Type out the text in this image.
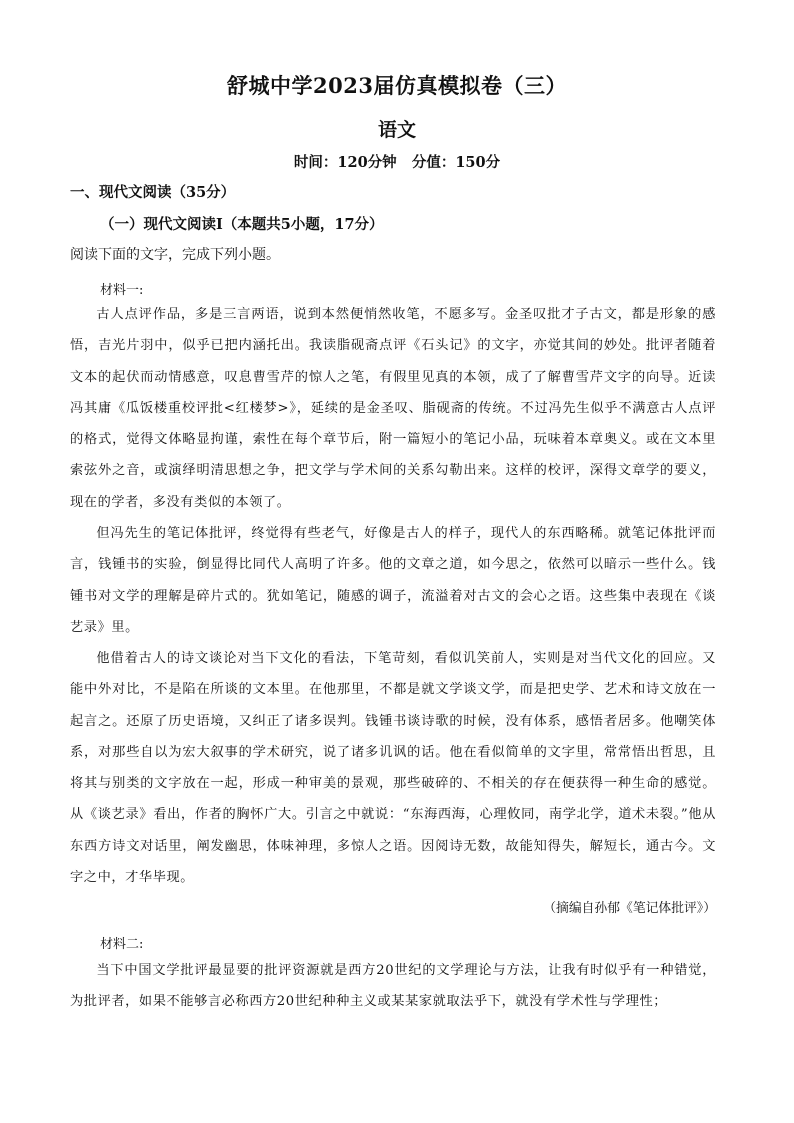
舒城中学2023届仿真模拟卷（三）
语文
时间：120分钟   分值：150分
一、现代文阅读（35分）
（一）现代文阅读Ⅰ（本题共5小题，17分）
阅读下面的文字，完成下列小题。
材料一:

古人点评作品，多是三言两语，说到本然便悄然收笔，不愿多写。金圣叹批才子古文，都是形象的感悟，吉光片羽中，似乎已把内涵托出。我读脂砚斋点评《石头记》的文字，亦觉其间的妙处。批评者随着文本的起伏而动情感意，叹息曹雪芹的惊人之笔，有假里见真的本领，成了了解曹雪芹文字的向导。近读冯其庸《瓜饭楼重校评批<红楼梦>》，延续的是金圣叹、脂砚斋的传统。不过冯先生似乎不满意古人点评的格式，觉得文体略显拘谨，索性在每个章节后，附一篇短小的笔记小品，玩味着本章奥义。或在文本里索弦外之音，或演绎明清思想之争，把文学与学术间的关系勾勒出来。这样的校评，深得文章学的要义，现在的学者，多没有类似的本领了。

但冯先生的笔记体批评，终觉得有些老气，好像是古人的样子，现代人的东西略稀。就笔记体批评而言，钱锺书的实验，倒显得比同代人高明了许多。他的文章之道，如今思之，依然可以暗示一些什么。钱锺书对文学的理解是碎片式的。犹如笔记，随感的调子，流溢着对古文的会心之语。这些集中表现在《谈艺录》里。

他借着古人的诗文谈论对当下文化的看法，下笔苛刻，看似讥笑前人，实则是对当代文化的回应。又能中外对比，不是陷在所谈的文本里。在他那里，不都是就文学谈文学，而是把史学、艺术和诗文放在一起言之。还原了历史语境，又纠正了诸多误判。钱锺书谈诗歌的时候，没有体系，感悟者居多。他嘲笑体系，对那些自以为宏大叙事的学术研究，说了诸多讥讽的话。他在看似简单的文字里，常常悟出哲思，且将其与别类的文字放在一起，形成一种审美的景观，那些破碎的、不相关的存在便获得一种生命的感觉。从《谈艺录》看出，作者的胸怀广大。引言之中就说：“东海西海，心理攸同，南学北学，道术未裂。”他从东西方诗文对话里，阐发幽思，体味神理，多惊人之语。因阅诗无数，故能知得失，解短长，通古今。文字之中，才华毕现。

（摘编自孙郁《笔记体批评》）
材料二:

当下中国文学批评最显要的批评资源就是西方20世纪的文学理论与方法，让我有时似乎有一种错觉，为批评者，如果不能够言必称西方20世纪种种主义或某某家就取法乎下，就没有学术性与学理性；
